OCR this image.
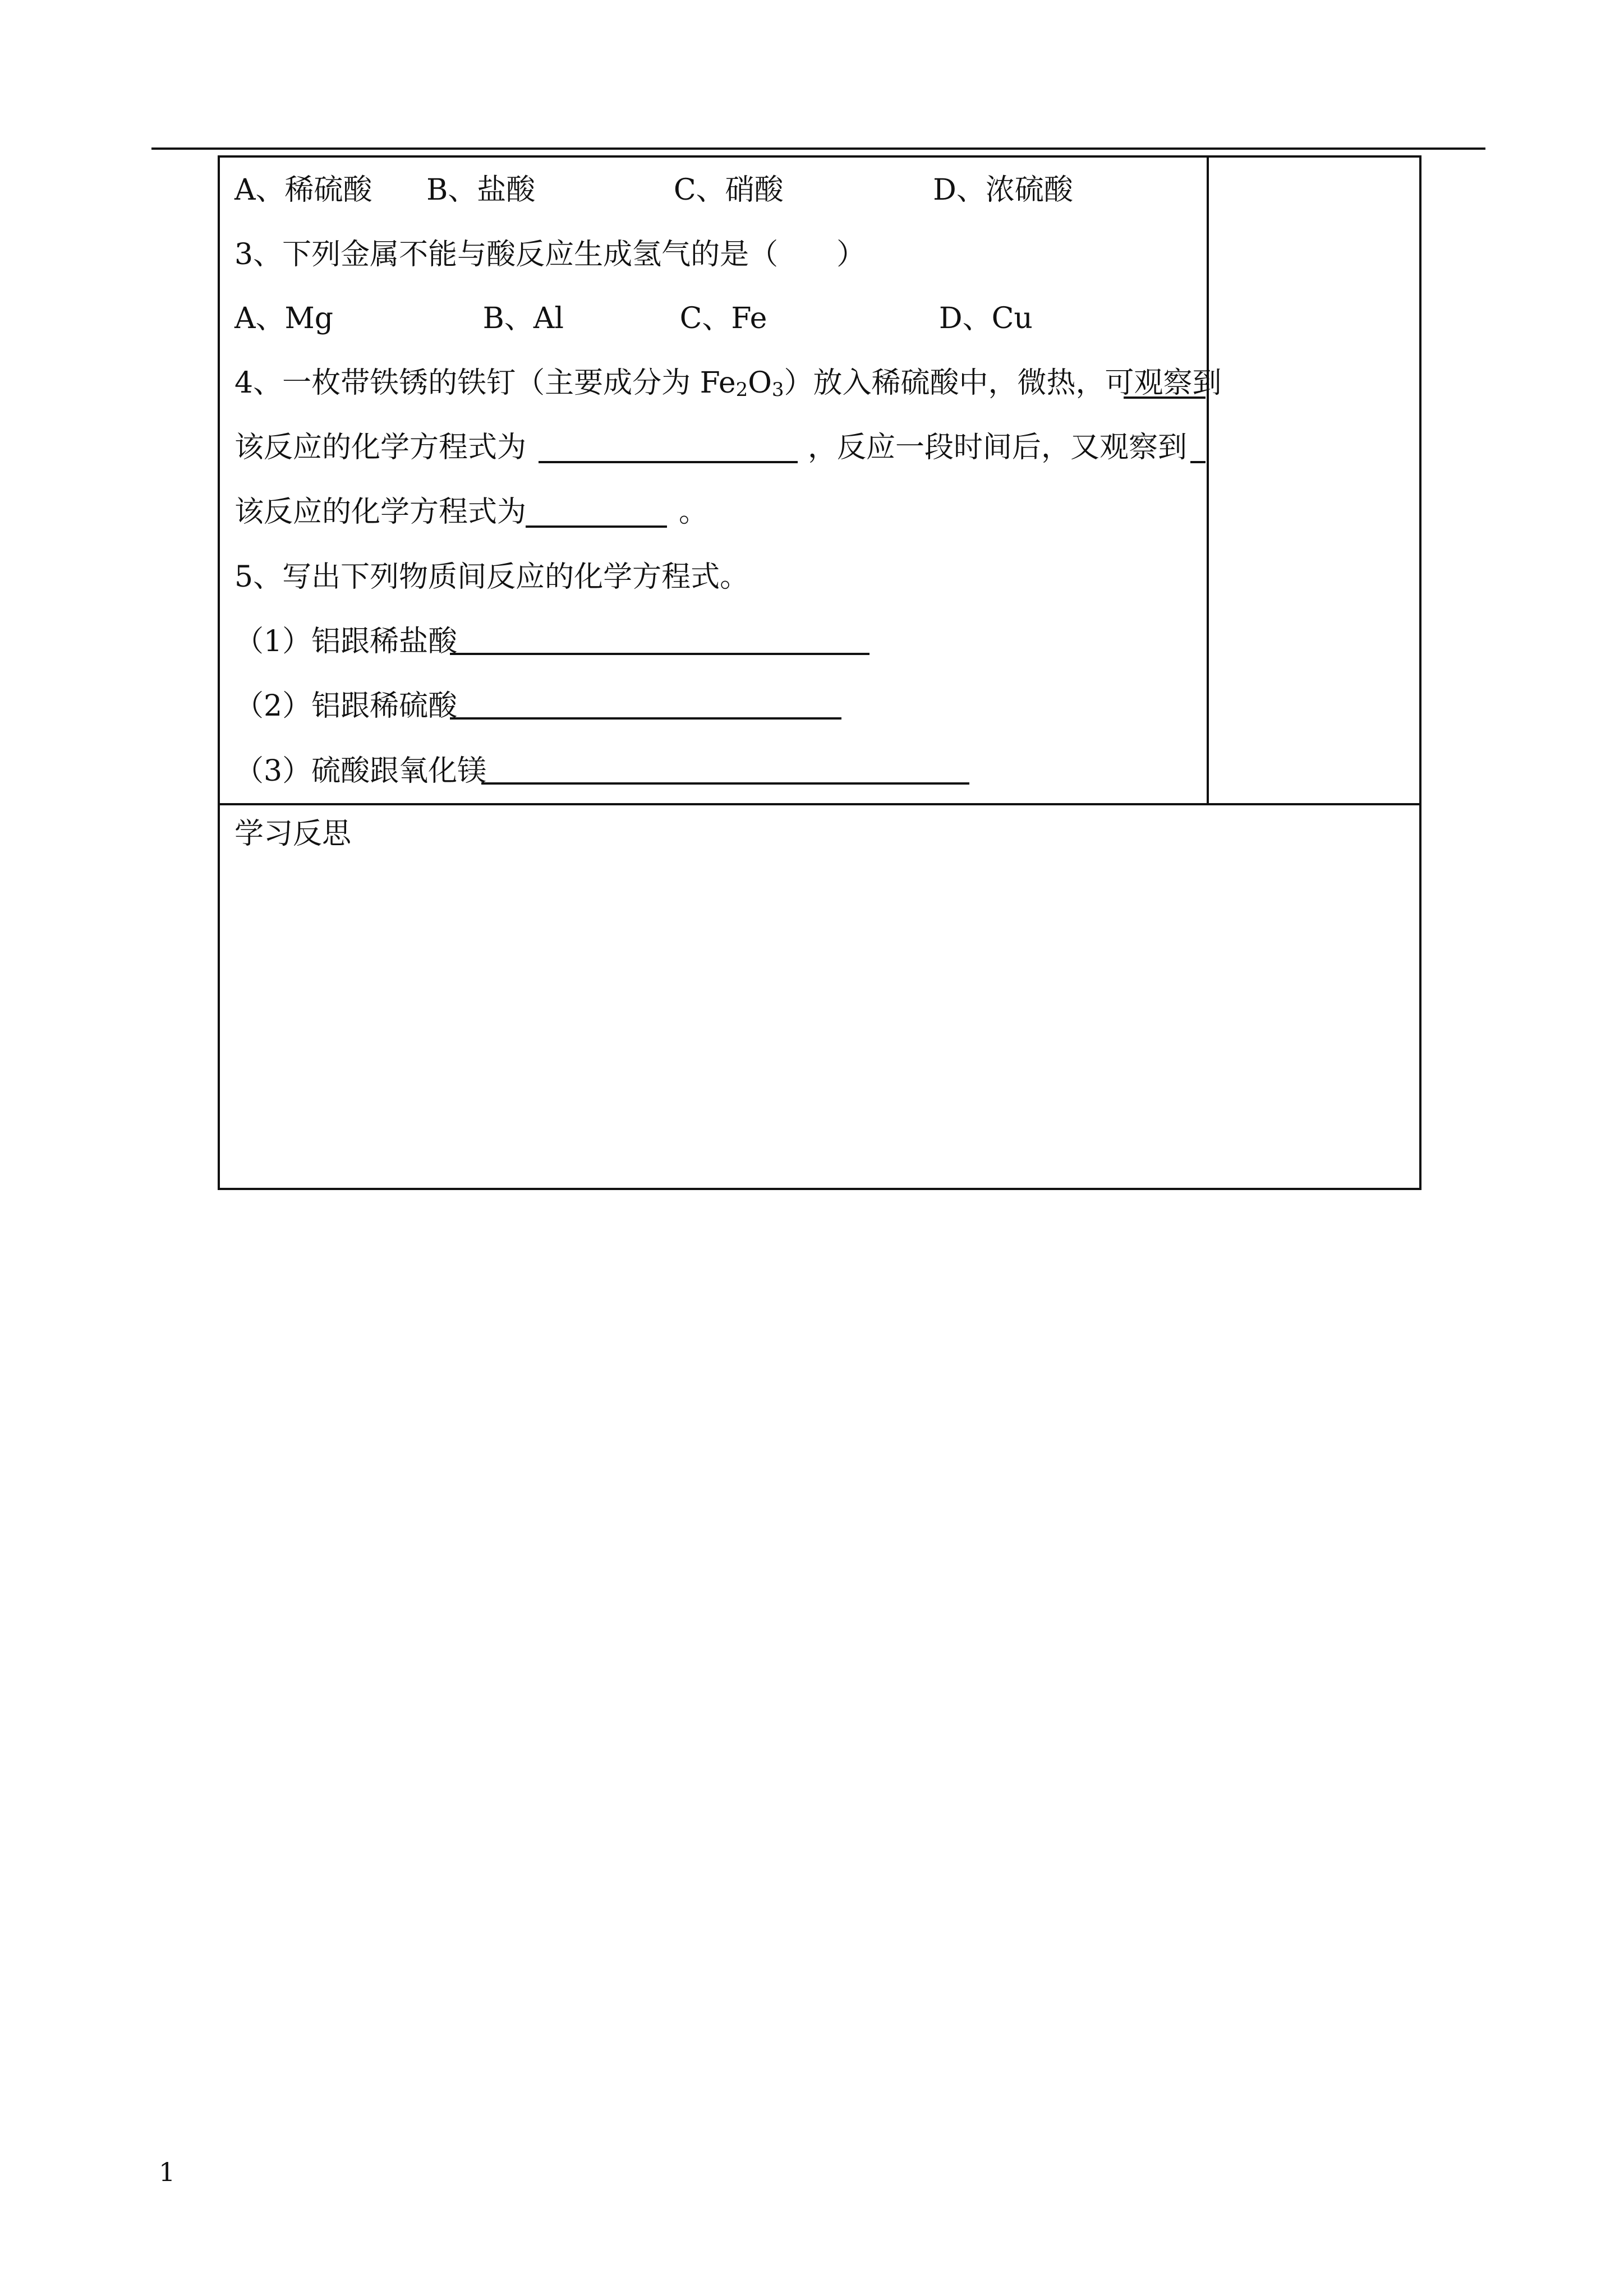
A、稀硫酸 B、盐酸	C、硝酸	D、浓硫酸
3、下列金属不能与酸反应生成氢气的是（　　）
A、Mg	B、Al	C、Fe	D、Cu
4、一枚带铁锈的铁钉（主要成分为 $Fe_2O_3$）放入稀硫酸中，微热，可观察到
该反应的化学方程式为	，反应一段时间后，又观察到
该反应的化学方程式为	。
5、写出下列物质间反应的化学方程式。
（1）铝跟稀盐酸
（2）铝跟稀硫酸
（3）硫酸跟氧化镁
学习反思
1
